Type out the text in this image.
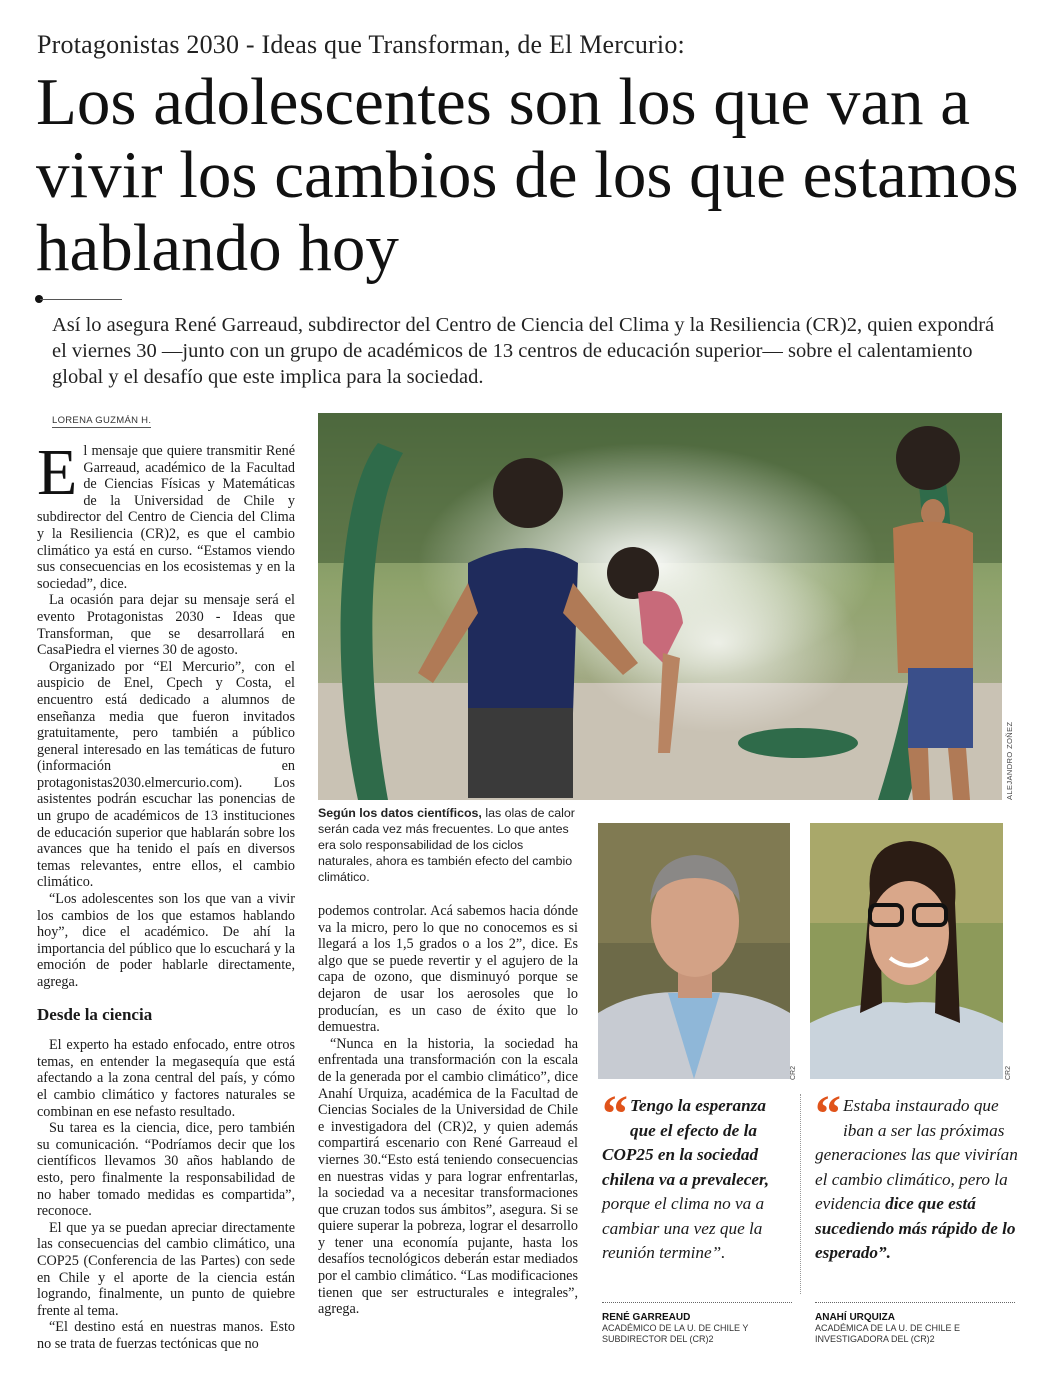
Protagonistas 2030 - Ideas que Transforman, de El Mercurio:
Los adolescentes son los que van a vivir los cambios de los que estamos hablando hoy
Así lo asegura René Garreaud, subdirector del Centro de Ciencia del Clima y la Resiliencia (CR)2, quien expondrá el viernes 30 —junto con un grupo de académicos de 13 centros de educación superior— sobre el calentamiento global y el desafío que este implica para la sociedad.
LORENA GUZMÁN H.

El mensaje que quiere transmitir René Garreaud, académico de la Facultad de Ciencias Físicas y Matemáticas de la Universidad de Chile y subdirector del Centro de Ciencia del Clima y la Resiliencia (CR)2, es que el cambio climático ya está en curso. “Estamos viendo sus consecuencias en los ecosistemas y en la sociedad”, dice.

La ocasión para dejar su mensaje será el evento Protagonistas 2030 - Ideas que Transforman, que se desarrollará en CasaPiedra el viernes 30 de agosto.

Organizado por “El Mercurio”, con el auspicio de Enel, Cpech y Costa, el encuentro está dedicado a alumnos de enseñanza media que fueron invitados gratuitamente, pero también a público general interesado en las temáticas de futuro (información en protagonistas2030.elmercurio.com). Los asistentes podrán escuchar las ponencias de un grupo de académicos de 13 instituciones de educación superior que hablarán sobre los avances que ha tenido el país en diversos temas relevantes, entre ellos, el cambio climático.

“Los adolescentes son los que van a vivir los cambios de los que estamos hablando hoy”, dice el académico. De ahí la importancia del público que lo escuchará y la emoción de poder hablarle directamente, agrega.

Desde la ciencia

El experto ha estado enfocado, entre otros temas, en entender la megasequía que está afectando a la zona central del país, y cómo el cambio climático y factores naturales se combinan en ese nefasto resultado.

Su tarea es la ciencia, dice, pero también su comunicación. “Podríamos decir que los científicos llevamos 30 años hablando de esto, pero finalmente la responsabilidad de no haber tomado medidas es compartida”, reconoce.

El que ya se puedan apreciar directamente las consecuencias del cambio climático, una COP25 (Conferencia de las Partes) con sede en Chile y el aporte de la ciencia están logrando, finalmente, un punto de quiebre frente al tema.

“El destino está en nuestras manos. Esto no se trata de fuerzas tectónicas que no

ALEJANDRO ZOÑEZ
Según los datos científicos, las olas de calor serán cada vez más frecuentes. Lo que antes era solo responsabilidad de los ciclos naturales, ahora es también efecto del cambio climático.
CR2	CR2
“ Tengo la esperanza que el efecto de la COP25 en la sociedad chilena va a prevalecer, porque el clima no va a cambiar una vez que la reunión termine”.
“ Estaba instaurado que iban a ser las próximas generaciones las que vivirían el cambio climático, pero la evidencia dice que está sucediendo más rápido de lo esperado”.
RENÉ GARREAUD
ACADÉMICO DE LA U. DE CHILE Y
SUBDIRECTOR DEL (CR)2
ANAHÍ URQUIZA
ACADÉMICA DE LA U. DE CHILE E
INVESTIGADORA DEL (CR)2

podemos controlar. Acá sabemos hacia dónde va la micro, pero lo que no conocemos es si llegará a los 1,5 grados o a los 2”, dice. Es algo que se puede revertir y el agujero de la capa de ozono, que disminuyó porque se dejaron de usar los aerosoles que lo producían, es un caso de éxito que lo demuestra.

“Nunca en la historia, la sociedad ha enfrentada una transformación con la escala de la generada por el cambio climático”, dice Anahí Urquiza, académica de la Facultad de Ciencias Sociales de la Universidad de Chile e investigadora del (CR)2, y quien además compartirá escenario con René Garreaud el viernes 30.“Esto está teniendo consecuencias en nuestras vidas y para lograr enfrentarlas, la sociedad va a necesitar transformaciones que cruzan todos sus ámbitos”, asegura. Si se quiere superar la pobreza, lograr el desarrollo y tener una economía pujante, hasta los desafíos tecnológicos deberán estar mediados por el cambio climático. “Las modificaciones tienen que ser estructurales e integrales”, agrega.
